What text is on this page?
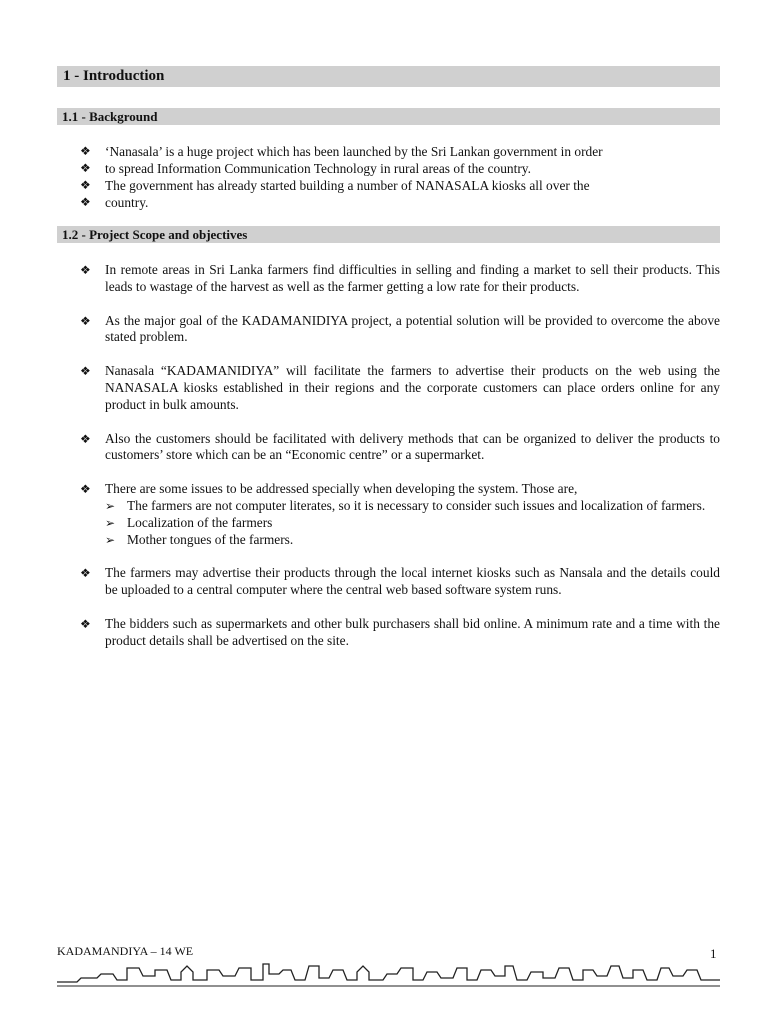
1 - Introduction
1.1 - Background
❖	‘Nanasala’ is a huge project which has been launched by the Sri Lankan government in order
❖	to spread Information Communication Technology in rural areas of the country.
❖	The government has already started building a number of NANASALA kiosks all over the
❖	country.
1.2 - Project Scope and objectives
❖	In remote areas in Sri Lanka farmers find difficulties in selling and finding a market to sell their products. This leads to wastage of the harvest as well as the farmer getting a low rate for their products.
❖	As the major goal of the KADAMANIDIYA project, a potential solution will be provided to overcome the above stated problem.
❖	Nanasala “KADAMANIDIYA” will facilitate the farmers to advertise their products on the web using the NANASALA kiosks established in their regions and the corporate customers can place orders online for any product in bulk amounts.
❖	Also the customers should be facilitated with delivery methods that can be organized to deliver the products to customers’ store which can be an “Economic centre” or a supermarket.
❖	There are some issues to be addressed specially when developing the system. Those are,
➢ The farmers are not computer literates, so it is necessary to consider such issues and localization of farmers.
➢ Localization of the farmers
➢ Mother tongues of the farmers.
❖	The farmers may advertise their products through the local internet kiosks such as Nansala and the details could be uploaded to a central computer where the central web based software system runs.
❖	The bidders such as supermarkets and other bulk purchasers shall bid online. A minimum rate and a time with the product details shall be advertised on the site.
KADAMANDIYA – 14 WE	1
